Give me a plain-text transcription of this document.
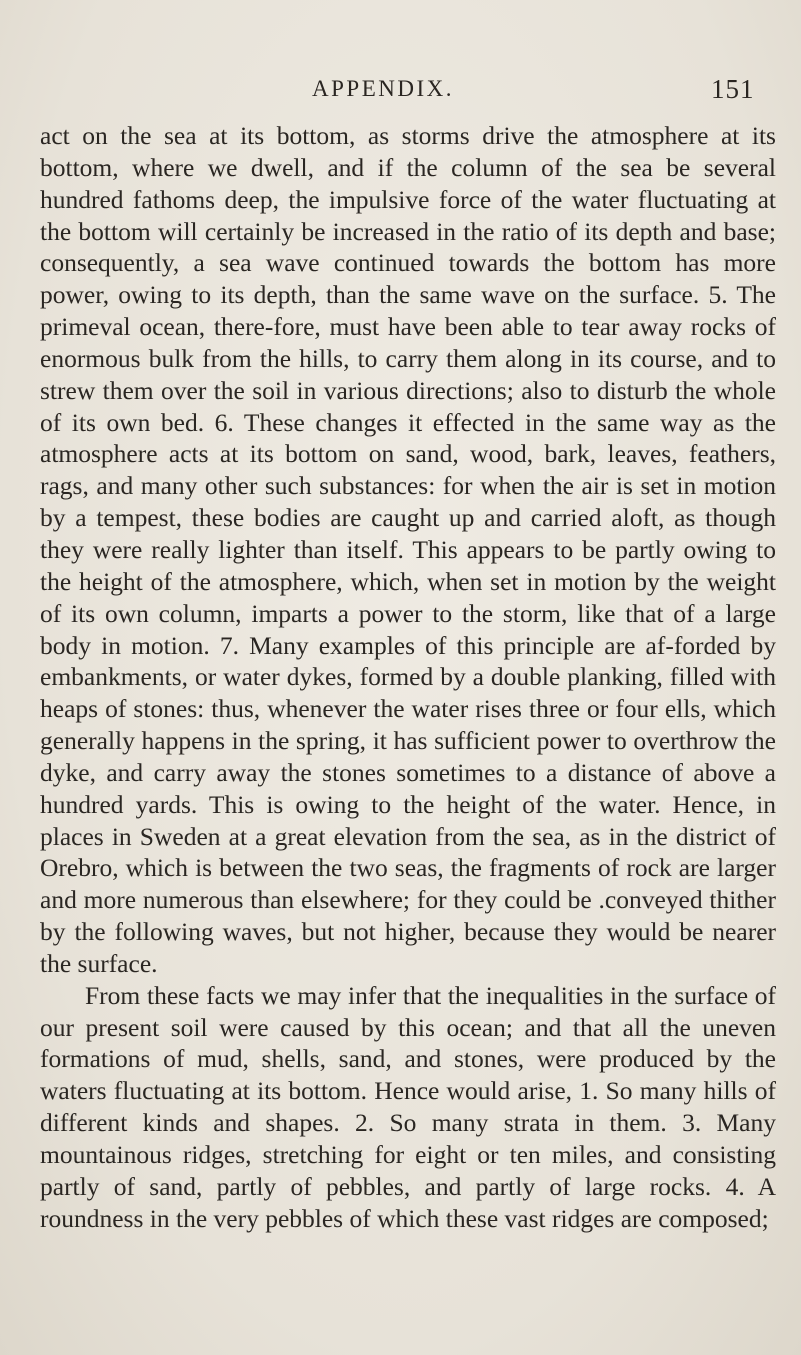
APPENDIX.	151

act on the sea at its bottom, as storms drive the atmosphere at its bottom, where we dwell, and if the column of the sea be several hundred fathoms deep, the impulsive force of the water fluctuating at the bottom will certainly be increased in the ratio of its depth and base; consequently, a sea wave continued towards the bottom has more power, owing to its depth, than the same wave on the surface. 5. The primeval ocean, there-fore, must have been able to tear away rocks of enormous bulk from the hills, to carry them along in its course, and to strew them over the soil in various directions; also to disturb the whole of its own bed. 6. These changes it effected in the same way as the atmosphere acts at its bottom on sand, wood, bark, leaves, feathers, rags, and many other such substances: for when the air is set in motion by a tempest, these bodies are caught up and carried aloft, as though they were really lighter than itself. This appears to be partly owing to the height of the atmosphere, which, when set in motion by the weight of its own column, imparts a power to the storm, like that of a large body in motion. 7. Many examples of this principle are af-forded by embankments, or water dykes, formed by a double planking, filled with heaps of stones: thus, whenever the water rises three or four ells, which generally happens in the spring, it has sufficient power to overthrow the dyke, and carry away the stones sometimes to a distance of above a hundred yards. This is owing to the height of the water. Hence, in places in Sweden at a great elevation from the sea, as in the district of Orebro, which is between the two seas, the fragments of rock are larger and more numerous than elsewhere; for they could be .conveyed thither by the following waves, but not higher, because they would be nearer the surface.

From these facts we may infer that the inequalities in the surface of our present soil were caused by this ocean; and that all the uneven formations of mud, shells, sand, and stones, were produced by the waters fluctuating at its bottom. Hence would arise, 1. So many hills of different kinds and shapes. 2. So many strata in them. 3. Many mountainous ridges, stretching for eight or ten miles, and consisting partly of sand, partly of pebbles, and partly of large rocks. 4. A roundness in the very pebbles of which these vast ridges are composed;
